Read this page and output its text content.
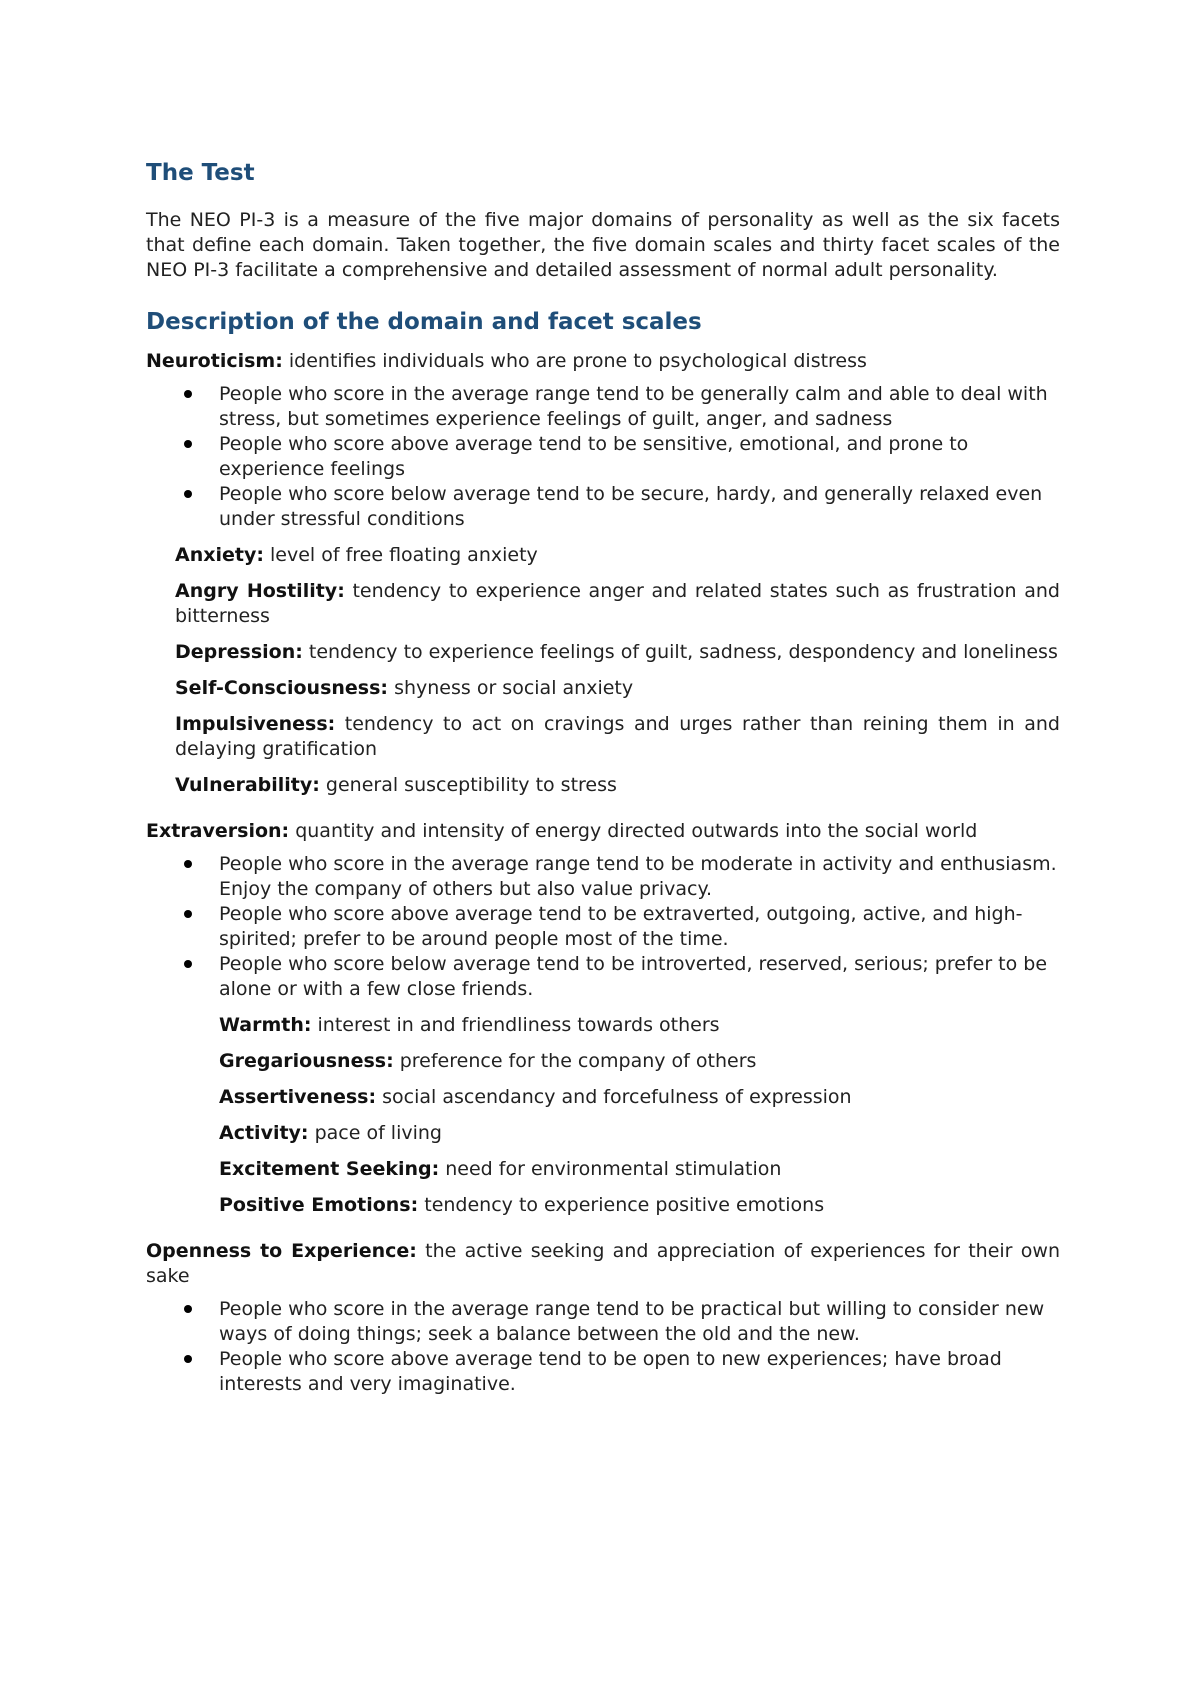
The Test

The NEO PI-3 is a measure of the five major domains of personality as well as the six facets that define each domain. Taken together, the five domain scales and thirty facet scales of the NEO PI-3 facilitate a comprehensive and detailed assessment of normal adult personality.

Description of the domain and facet scales

Neuroticism: identifies individuals who are prone to psychological distress

People who score in the average range tend to be generally calm and able to deal with stress, but sometimes experience feelings of guilt, anger, and sadness
People who score above average tend to be sensitive, emotional, and prone to experience feelings
People who score below average tend to be secure, hardy, and generally relaxed even under stressful conditions

Anxiety: level of free floating anxiety

Angry Hostility: tendency to experience anger and related states such as frustration and bitterness

Depression: tendency to experience feelings of guilt, sadness, despondency and loneliness

Self-Consciousness: shyness or social anxiety

Impulsiveness: tendency to act on cravings and urges rather than reining them in and delaying gratification

Vulnerability: general susceptibility to stress

Extraversion: quantity and intensity of energy directed outwards into the social world

People who score in the average range tend to be moderate in activity and enthusiasm. Enjoy the company of others but also value privacy.
People who score above average tend to be extraverted, outgoing, active, and high-spirited; prefer to be around people most of the time.
People who score below average tend to be introverted, reserved, serious; prefer to be alone or with a few close friends.

Warmth: interest in and friendliness towards others

Gregariousness: preference for the company of others

Assertiveness: social ascendancy and forcefulness of expression

Activity: pace of living

Excitement Seeking: need for environmental stimulation

Positive Emotions: tendency to experience positive emotions

Openness to Experience: the active seeking and appreciation of experiences for their own sake

People who score in the average range tend to be practical but willing to consider new ways of doing things; seek a balance between the old and the new.
People who score above average tend to be open to new experiences; have broad interests and very imaginative.
